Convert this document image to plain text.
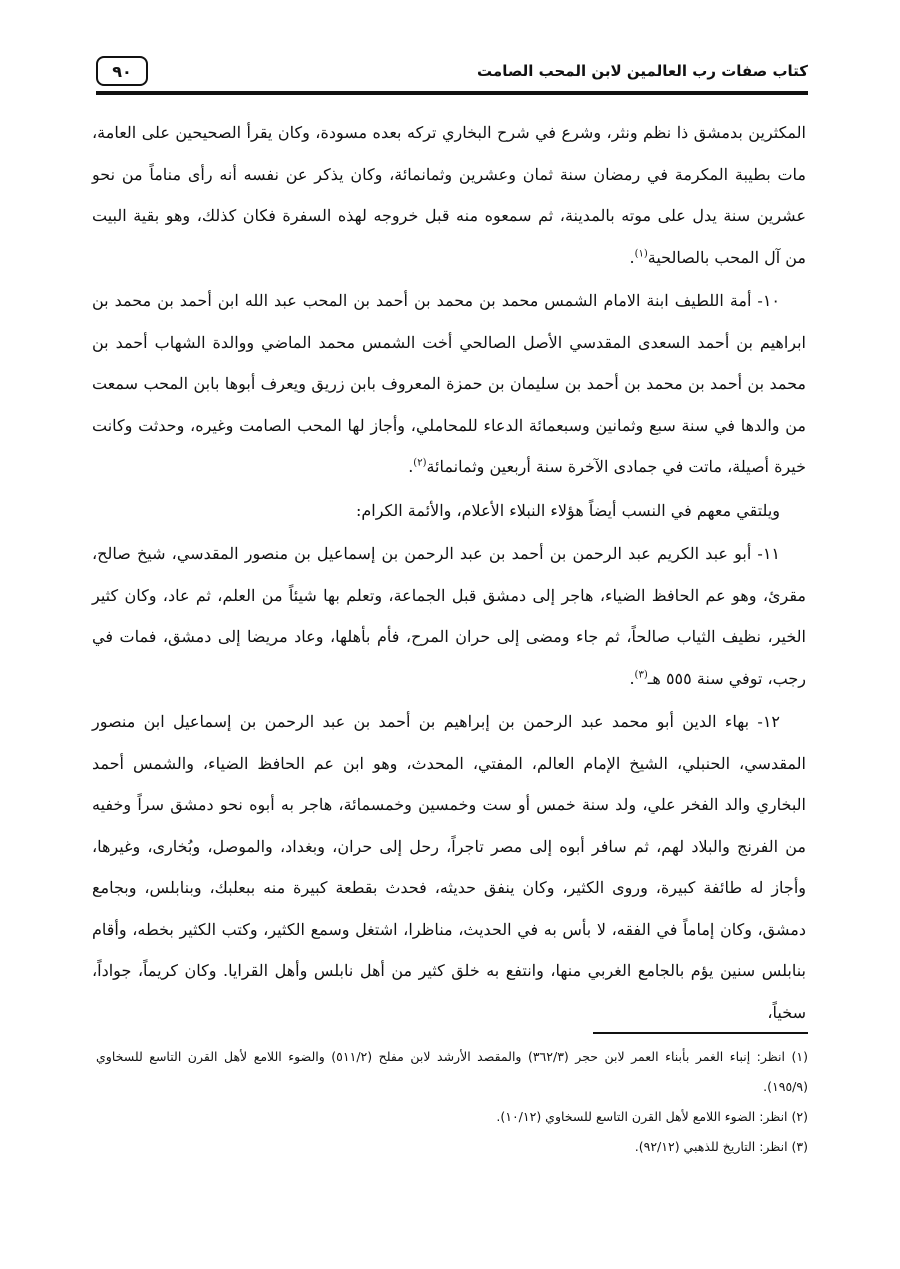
كتاب صفات رب العالمين لابن المحب الصامت
٩٠

المكثرين بدمشق ذا نظم ونثر، وشرع في شرح البخاري تركه بعده مسودة، وكان يقرأ الصحيحين على العامة، مات بطيبة المكرمة في رمضان سنة ثمان وعشرين وثمانمائة، وكان يذكر عن نفسه أنه رأى مناماً من نحو عشرين سنة يدل على موته بالمدينة، ثم سمعوه منه قبل خروجه لهذه السفرة فكان كذلك، وهو بقية البيت من آل المحب بالصالحية$^{(١)}$.

١٠- أمة اللطيف ابنة الامام الشمس محمد بن محمد بن أحمد بن المحب عبد الله ابن أحمد بن محمد بن ابراهيم بن أحمد السعدى المقدسي الأصل الصالحي أخت الشمس محمد الماضي ووالدة الشهاب أحمد بن محمد بن أحمد بن محمد بن أحمد بن سليمان بن حمزة المعروف بابن زريق ويعرف أبوها بابن المحب سمعت من والدها في سنة سبع وثمانين وسبعمائة الدعاء للمحاملي، وأجاز لها المحب الصامت وغيره، وحدثت وكانت خيرة أصيلة، ماتت في جمادى الآخرة سنة أربعين وثمانمائة$^{(٢)}$.

ويلتقي معهم في النسب أيضاً هؤلاء النبلاء الأعلام، والأئمة الكرام:

١١- أبو عبد الكريم عبد الرحمن بن أحمد بن عبد الرحمن بن إسماعيل بن منصور المقدسي، شيخ صالح، مقرئ، وهو عم الحافظ الضياء، هاجر إلى دمشق قبل الجماعة، وتعلم بها شيئاً من العلم، ثم عاد، وكان كثير الخير، نظيف الثياب صالحاً، ثم جاء ومضى إلى حران المرح، فأم بأهلها، وعاد مريضا إلى دمشق، فمات في رجب، توفي سنة ٥٥٥ هـ$^{(٣)}$.

١٢- بهاء الدين أبو محمد عبد الرحمن بن إبراهيم بن أحمد بن عبد الرحمن بن إسماعيل ابن منصور المقدسي، الحنبلي، الشيخ الإمام العالم، المفتي، المحدث، وهو ابن عم الحافظ الضياء، والشمس أحمد البخاري والد الفخر علي، ولد سنة خمس أو ست وخمسين وخمسمائة، هاجر به أبوه نحو دمشق سراً وخفيه من الفرنج والبلاد لهم، ثم سافر أبوه إلى مصر تاجراً، رحل إلى حران، وبغداد، والموصل، وبُخارى، وغيرها، وأجاز له طائفة كبيرة، وروى الكثير، وكان ينفق حديثه، فحدث بقطعة كبيرة منه ببعلبك، وبنابلس، وبجامع دمشق، وكان إماماً في الفقه، لا بأس به في الحديث، مناظرا، اشتغل وسمع الكثير، وكتب الكثير بخطه، وأقام بنابلس سنين يؤم بالجامع الغربي منها، وانتفع به خلق كثير من أهل نابلس وأهل القرايا. وكان كريماً، جواداً، سخياً،

(١) انظر: إنباء الغمر بأبناء العمر لابن حجر (٣٦٢/٣) والمقصد الأرشد لابن مفلح (٥١١/٢) والضوء اللامع لأهل القرن التاسع للسخاوي (١٩٥/٩).

(٢) انظر: الضوء اللامع لأهل القرن التاسع للسخاوي (١٠/١٢).

(٣) انظر: التاريخ للذهبي (٩٢/١٢).
